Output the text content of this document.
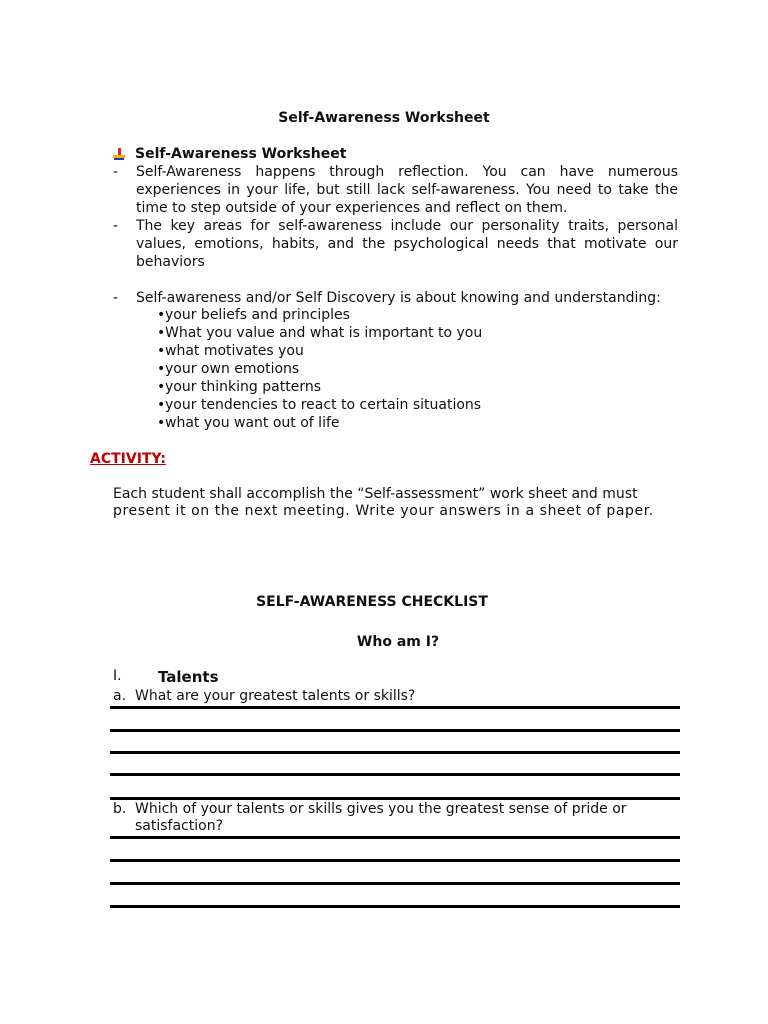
Self-Awareness Worksheet
Self-Awareness Worksheet
- Self-Awareness happens through reflection. You can have numerous experiences in your life, but still lack self-awareness. You need to take the time to step outside of your experiences and reflect on them.
- The key areas for self-awareness include our personality traits, personal values, emotions, habits, and the psychological needs that motivate our behaviors
- Self-awareness and/or Self Discovery is about knowing and understanding:
• your beliefs and principles
• What you value and what is important to you
• what motivates you
• your own emotions
• your thinking patterns
• your tendencies to react to certain situations
• what you want out of life
ACTIVITY:
Each student shall accomplish the “Self-assessment” work sheet and must
present it on the next meeting. Write your answers in a sheet of paper.
SELF-AWARENESS CHECKLIST
Who am I?
I.	Talents
a. What are your greatest talents or skills?
b. Which of your talents or skills gives you the greatest sense of pride or satisfaction?
